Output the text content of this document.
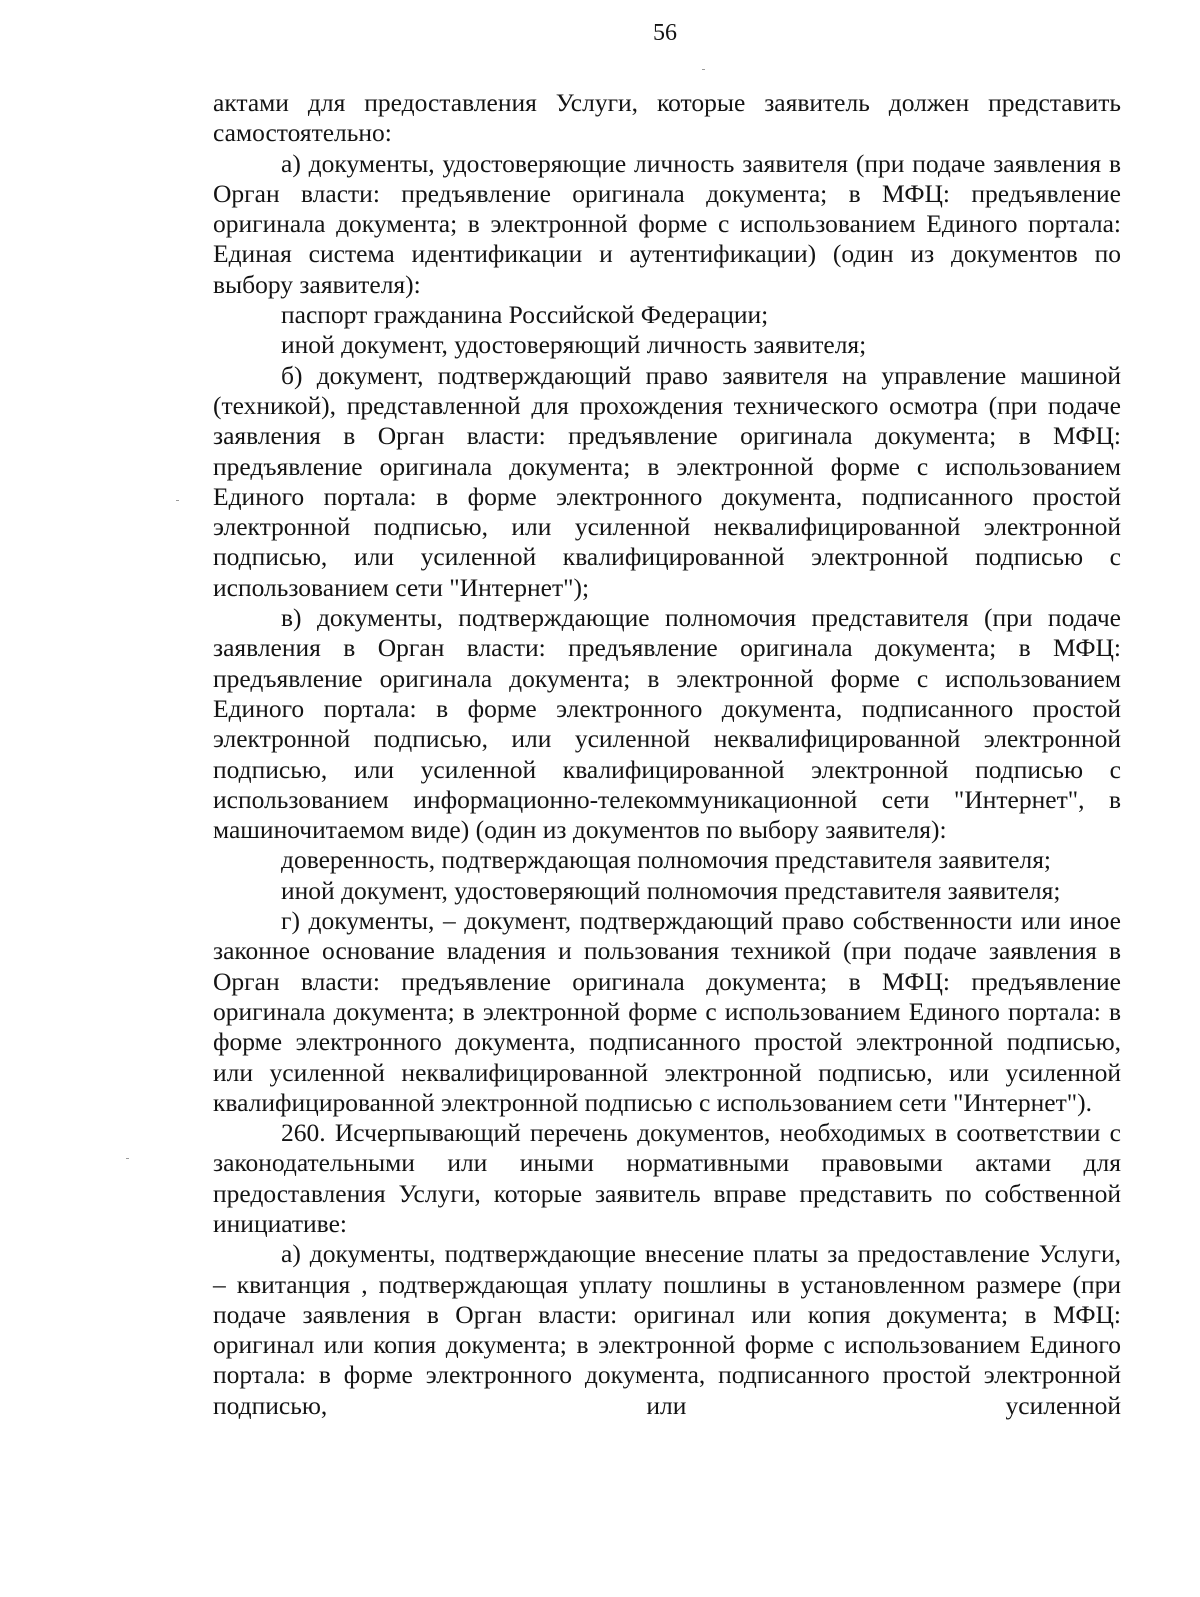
56

актами для предоставления Услуги, которые заявитель должен представить самостоятельно:

а) документы, удостоверяющие личность заявителя (при подаче заявления в Орган власти: предъявление оригинала документа; в МФЦ: предъявление оригинала документа; в электронной форме с использованием Единого портала: Единая система идентификации и аутентификации) (один из документов по выбору заявителя):

паспорт гражданина Российской Федерации;

иной документ, удостоверяющий личность заявителя;

б) документ, подтверждающий право заявителя на управление машиной (техникой), представленной для прохождения технического осмотра (при подаче заявления в Орган власти: предъявление оригинала документа; в МФЦ: предъявление оригинала документа; в электронной форме с использованием Единого портала: в форме электронного документа, подписанного простой электронной подписью, или усиленной неквалифицированной электронной подписью, или усиленной квалифицированной электронной подписью с использованием сети "Интернет");

в) документы, подтверждающие полномочия представителя (при подаче заявления в Орган власти: предъявление оригинала документа; в МФЦ: предъявление оригинала документа; в электронной форме с использованием Единого портала: в форме электронного документа, подписанного простой электронной подписью, или усиленной неквалифицированной электронной подписью, или усиленной квалифицированной электронной подписью с использованием информационно-телекоммуникационной сети "Интернет", в машиночитаемом виде) (один из документов по выбору заявителя):

доверенность, подтверждающая полномочия представителя заявителя;

иной документ, удостоверяющий полномочия представителя заявителя;

г) документы, – документ, подтверждающий право собственности или иное законное основание владения и пользования техникой (при подаче заявления в Орган власти: предъявление оригинала документа; в МФЦ: предъявление оригинала документа; в электронной форме с использованием Единого портала: в форме электронного документа, подписанного простой электронной подписью, или усиленной неквалифицированной электронной подписью, или усиленной квалифицированной электронной подписью с использованием сети "Интернет").

260. Исчерпывающий перечень документов, необходимых в соответствии с законодательными или иными нормативными правовыми актами для предоставления Услуги, которые заявитель вправе представить по собственной инициативе:

а) документы, подтверждающие внесение платы за предоставление Услуги, – квитанция , подтверждающая уплату пошлины в установленном размере (при подаче заявления в Орган власти: оригинал или копия документа; в МФЦ: оригинал или копия документа; в электронной форме с использованием Единого портала: в форме электронного документа, подписанного простой электронной подписью, или усиленной
